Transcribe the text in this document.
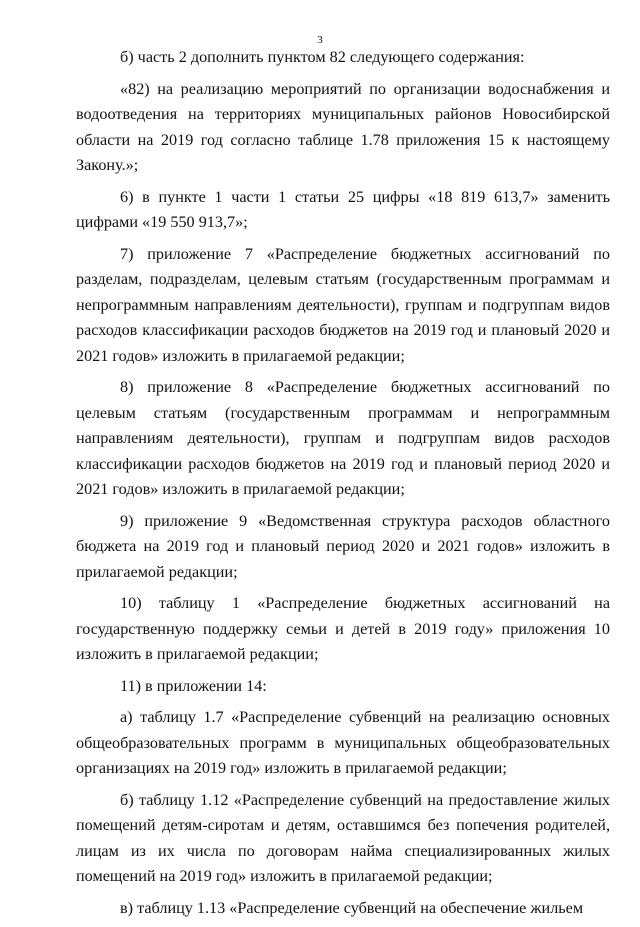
3

б) часть 2 дополнить пунктом 82 следующего содержания:

«82) на реализацию мероприятий по организации водоснабжения и водоотведения на территориях муниципальных районов Новосибирской области на 2019 год согласно таблице 1.78 приложения 15 к настоящему Закону.»;

6) в пункте 1 части 1 статьи 25 цифры «18 819 613,7» заменить цифрами «19 550 913,7»;

7) приложение 7 «Распределение бюджетных ассигнований по разделам, подразделам, целевым статьям (государственным программам и непрограммным направлениям деятельности), группам и подгруппам видов расходов классификации расходов бюджетов на 2019 год и плановый 2020 и 2021 годов» изложить в прилагаемой редакции;

8) приложение 8 «Распределение бюджетных ассигнований по целевым статьям (государственным программам и непрограммным направлениям деятельности), группам и подгруппам видов расходов классификации расходов бюджетов на 2019 год и плановый период 2020 и 2021 годов» изложить в прилагаемой редакции;

9) приложение 9 «Ведомственная структура расходов областного бюджета на 2019 год и плановый период 2020 и 2021 годов» изложить в прилагаемой редакции;

10) таблицу 1 «Распределение бюджетных ассигнований на государственную поддержку семьи и детей в 2019 году» приложения 10 изложить в прилагаемой редакции;

11) в приложении 14:

а) таблицу 1.7 «Распределение субвенций на реализацию основных общеобразовательных программ в муниципальных общеобразовательных организациях на 2019 год» изложить в прилагаемой редакции;

б) таблицу 1.12 «Распределение субвенций на предоставление жилых помещений детям-сиротам и детям, оставшимся без попечения родителей, лицам из их числа по договорам найма специализированных жилых помещений на 2019 год» изложить в прилагаемой редакции;

в) таблицу 1.13 «Распределение субвенций на обеспечение жильем
